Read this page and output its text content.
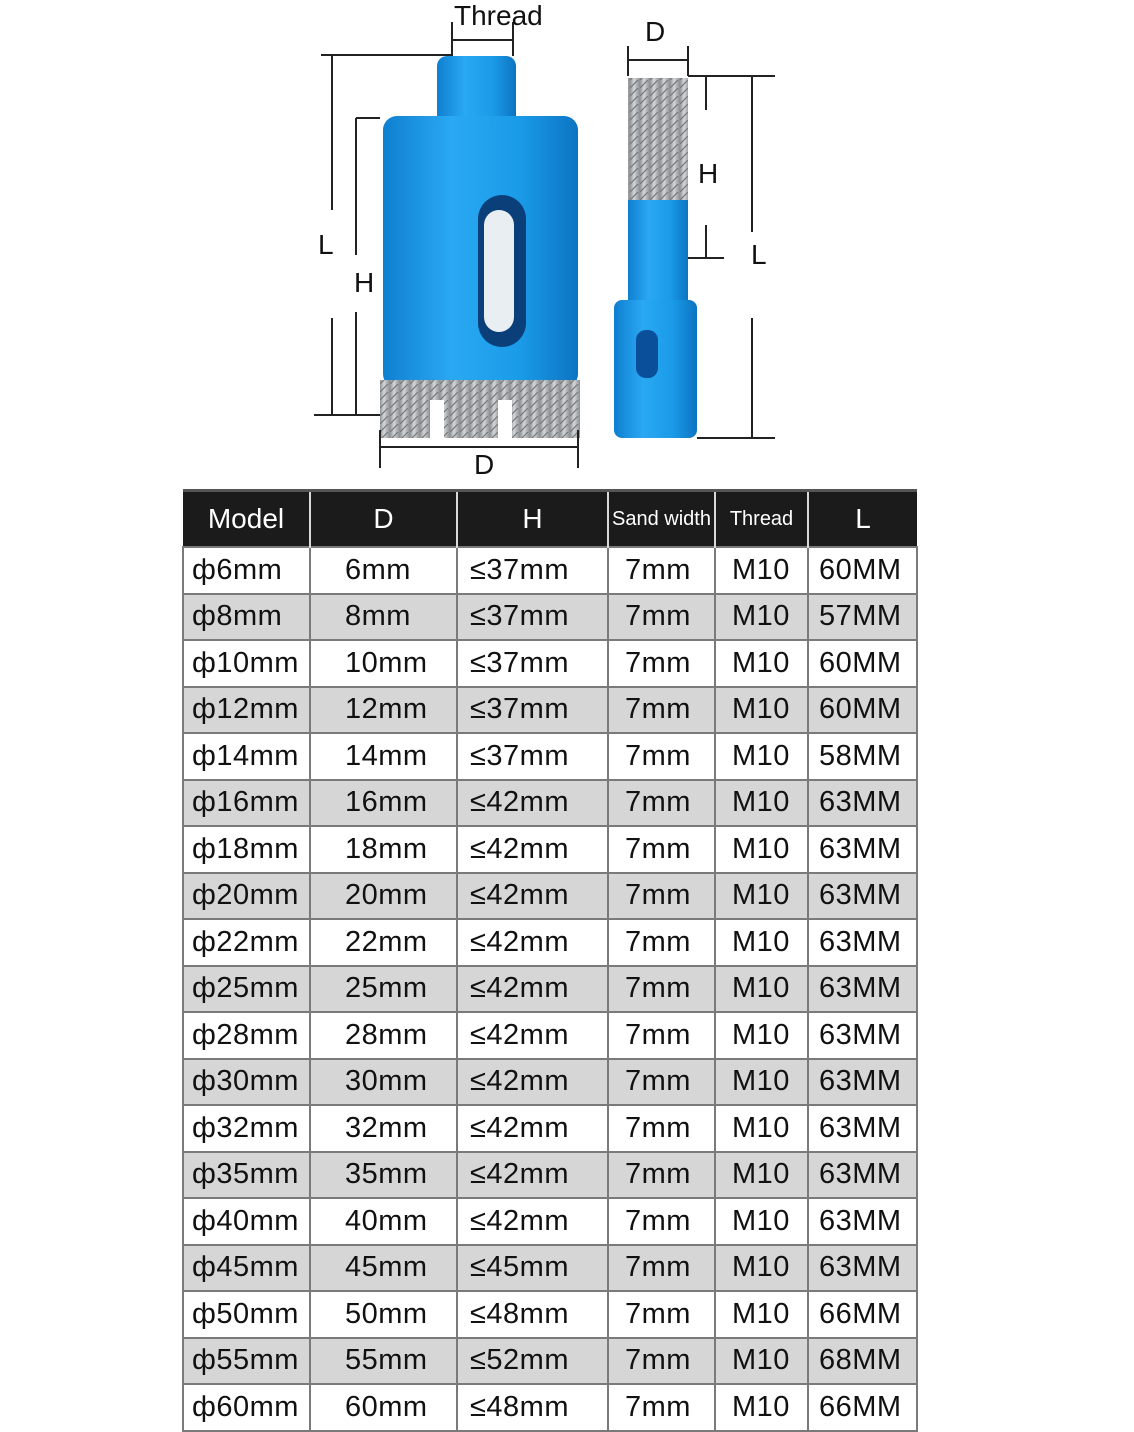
Thread
L
H
D
D
H
L
Model	D	H	Sand width	Thread	L
ф6mm	6mm	≤37mm	7mm	M10	60MM
ф8mm	8mm	≤37mm	7mm	M10	57MM
ф10mm	10mm	≤37mm	7mm	M10	60MM
ф12mm	12mm	≤37mm	7mm	M10	60MM
ф14mm	14mm	≤37mm	7mm	M10	58MM
ф16mm	16mm	≤42mm	7mm	M10	63MM
ф18mm	18mm	≤42mm	7mm	M10	63MM
ф20mm	20mm	≤42mm	7mm	M10	63MM
ф22mm	22mm	≤42mm	7mm	M10	63MM
ф25mm	25mm	≤42mm	7mm	M10	63MM
ф28mm	28mm	≤42mm	7mm	M10	63MM
ф30mm	30mm	≤42mm	7mm	M10	63MM
ф32mm	32mm	≤42mm	7mm	M10	63MM
ф35mm	35mm	≤42mm	7mm	M10	63MM
ф40mm	40mm	≤42mm	7mm	M10	63MM
ф45mm	45mm	≤45mm	7mm	M10	63MM
ф50mm	50mm	≤48mm	7mm	M10	66MM
ф55mm	55mm	≤52mm	7mm	M10	68MM
ф60mm	60mm	≤48mm	7mm	M10	66MM
